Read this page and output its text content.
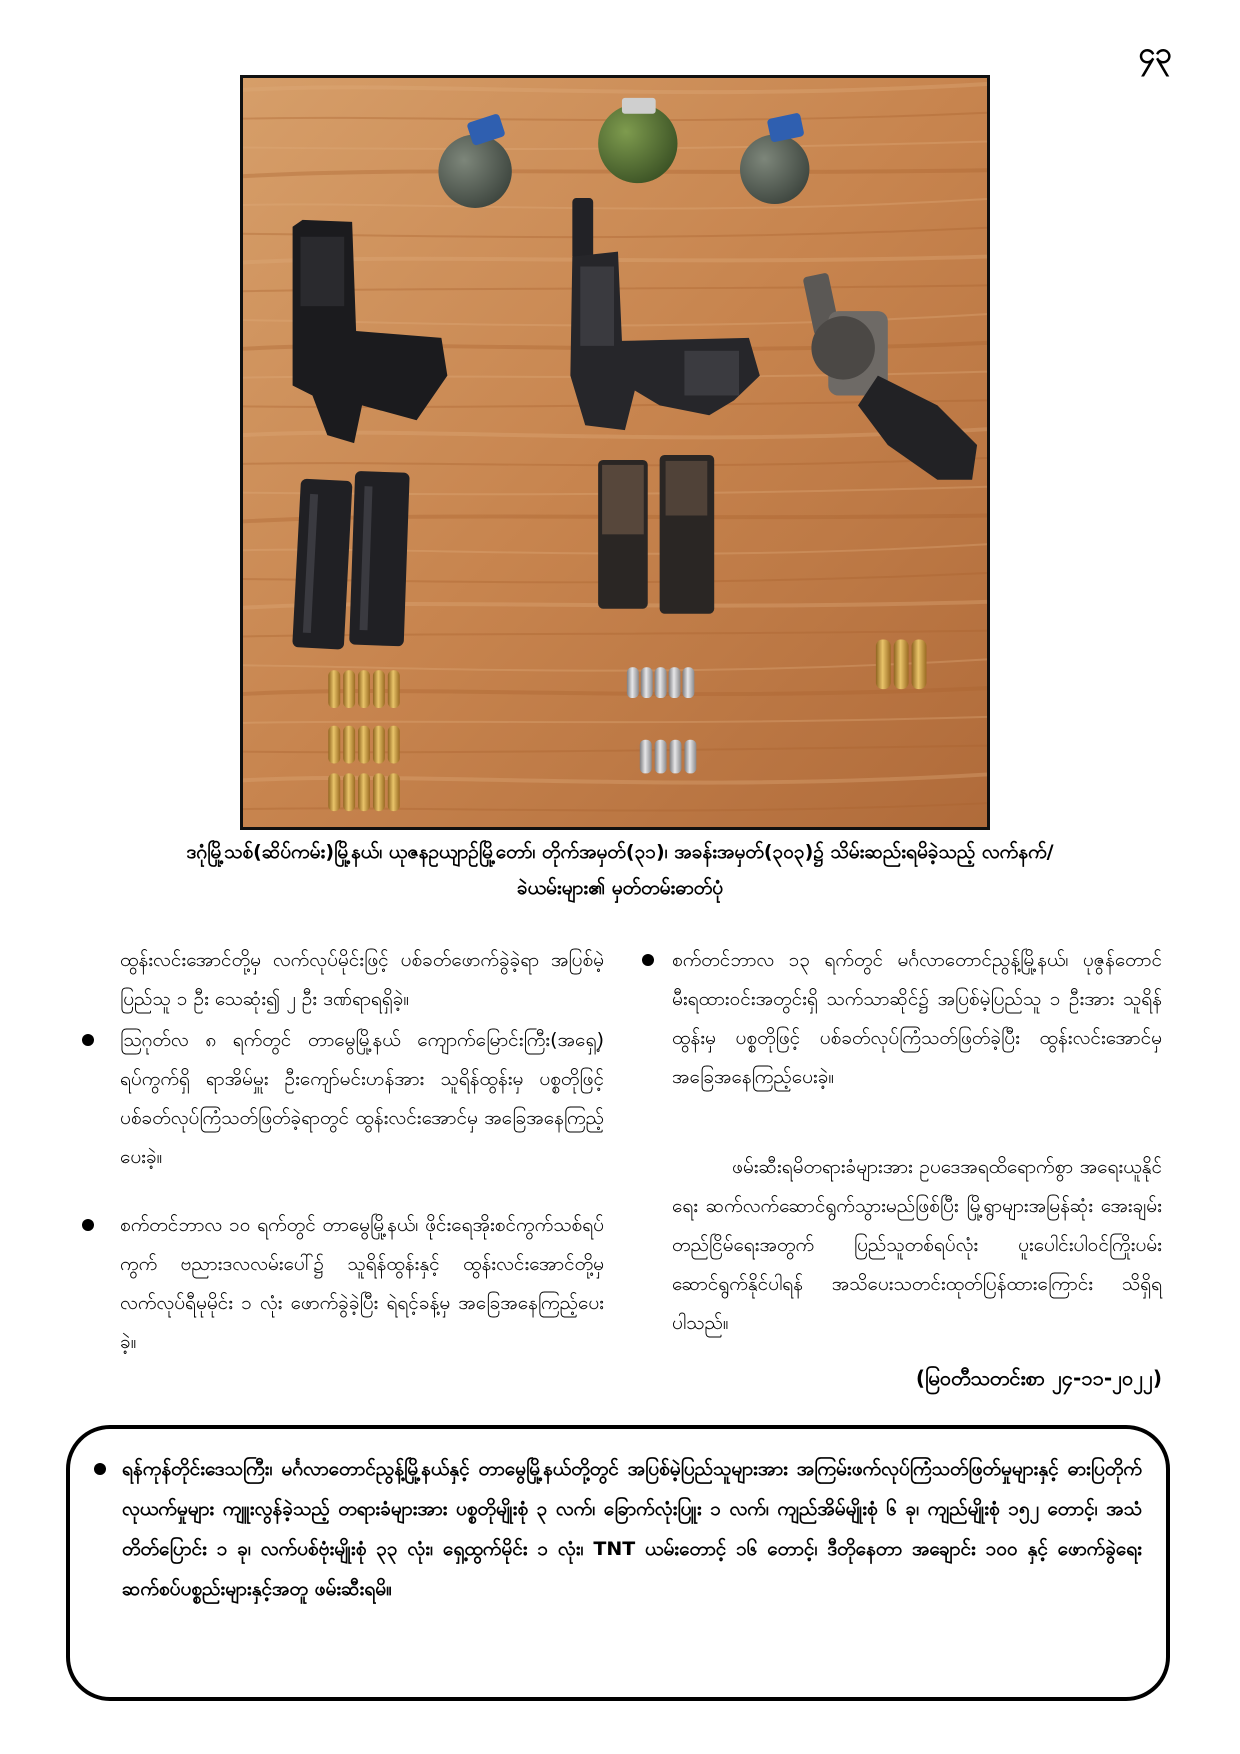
၄၃
ဒဂုံမြို့သစ်(ဆိပ်ကမ်း)မြို့နယ်၊ ယုဇနဥယျာဉ်မြို့တော်၊ တိုက်အမှတ်(၃၁)၊ အခန်းအမှတ်(၃၀၃)၌ သိမ်းဆည်းရမိခဲ့သည့် လက်နက်/
ခဲယမ်းများ၏ မှတ်တမ်းဓာတ်ပုံ
ထွန်းလင်းအောင်တို့မှ လက်လုပ်မိုင်းဖြင့် ပစ်ခတ်ဖောက်ခွဲခဲ့ရာ အပြစ်မဲ့ပြည်သူ ၁ ဦး သေဆုံး၍ ၂ ဦး ဒဏ်ရာရရှိခဲ့။
ဩဂုတ်လ ၈ ရက်တွင် တာမွေမြို့နယ် ကျောက်မြောင်းကြီး(အရှေ့) ရပ်ကွက်ရှိ ရာအိမ်မှူး ဦးကျော်မင်းဟန်အား သူရိန်ထွန်းမှ ပစ္စတိုဖြင့် ပစ်ခတ်လုပ်ကြံသတ်ဖြတ်ခဲ့ရာတွင် ထွန်းလင်းအောင်မှ အခြေအနေကြည့်ပေးခဲ့။
စက်တင်ဘာလ ၁၀ ရက်တွင် တာမွေမြို့နယ်၊ ဖိုင်းရေအိုးစင်ကွက်သစ်ရပ်ကွက် ဗညားဒလလမ်းပေါ်၌ သူရိန်ထွန်းနှင့် ထွန်းလင်းအောင်တို့မှ လက်လုပ်ရီမုမိုင်း ၁ လုံး ဖောက်ခွဲခဲ့ပြီး ရဲရင့်ခန့်မှ အခြေအနေကြည့်ပေးခဲ့။
စက်တင်ဘာလ ၁၃ ရက်တွင် မင်္ဂလာတောင်ညွန့်မြို့နယ်၊ ပုဇွန်တောင်မီးရထားဝင်းအတွင်းရှိ သက်သာဆိုင်၌ အပြစ်မဲ့ပြည်သူ ၁ ဦးအား သူရိန်ထွန်းမှ ပစ္စတိုဖြင့် ပစ်ခတ်လုပ်ကြံသတ်ဖြတ်ခဲ့ပြီး ထွန်းလင်းအောင်မှ အခြေအနေကြည့်ပေးခဲ့။
ဖမ်းဆီးရမိတရားခံများအား ဥပဒေအရထိရောက်စွာ အရေးယူနိုင်ရေး ဆက်လက်ဆောင်ရွက်သွားမည်ဖြစ်ပြီး မြို့ရွာများအမြန်ဆုံး အေးချမ်းတည်ငြိမ်ရေးအတွက် ပြည်သူတစ်ရပ်လုံး ပူးပေါင်းပါဝင်ကြိုးပမ်းဆောင်ရွက်နိုင်ပါရန် အသိပေးသတင်းထုတ်ပြန်ထားကြောင်း သိရှိရပါသည်။
(မြဝတီသတင်းစာ ၂၄-၁၁-၂၀၂၂)
ရန်ကုန်တိုင်းဒေသကြီး၊ မင်္ဂလာတောင်ညွန့်မြို့နယ်နှင့် တာမွေမြို့နယ်တို့တွင် အပြစ်မဲ့ပြည်သူများအား အကြမ်းဖက်လုပ်ကြံသတ်ဖြတ်မှုများနှင့် ဓားပြတိုက်လုယက်မှုများ ကျူးလွန်ခဲ့သည့် တရားခံများအား ပစ္စတိုမျိုးစုံ ၃ လက်၊ ခြောက်လုံးပြူး ၁ လက်၊ ကျည်အိမ်မျိုးစုံ ၆ ခု၊ ကျည်မျိုးစုံ ၁၅၂ တောင့်၊ အသံတိတ်ပြောင်း ၁ ခု၊ လက်ပစ်ဗုံးမျိုးစုံ ၃၃ လုံး၊ ရှေ့ထွက်မိုင်း ၁ လုံး၊ TNT ယမ်းတောင့် ၁၆ တောင့်၊ ဒီတိုနေတာ အချောင်း ၁၀၀ နှင့် ဖောက်ခွဲရေး ဆက်စပ်ပစ္စည်းများနှင့်အတူ ဖမ်းဆီးရမိ။
